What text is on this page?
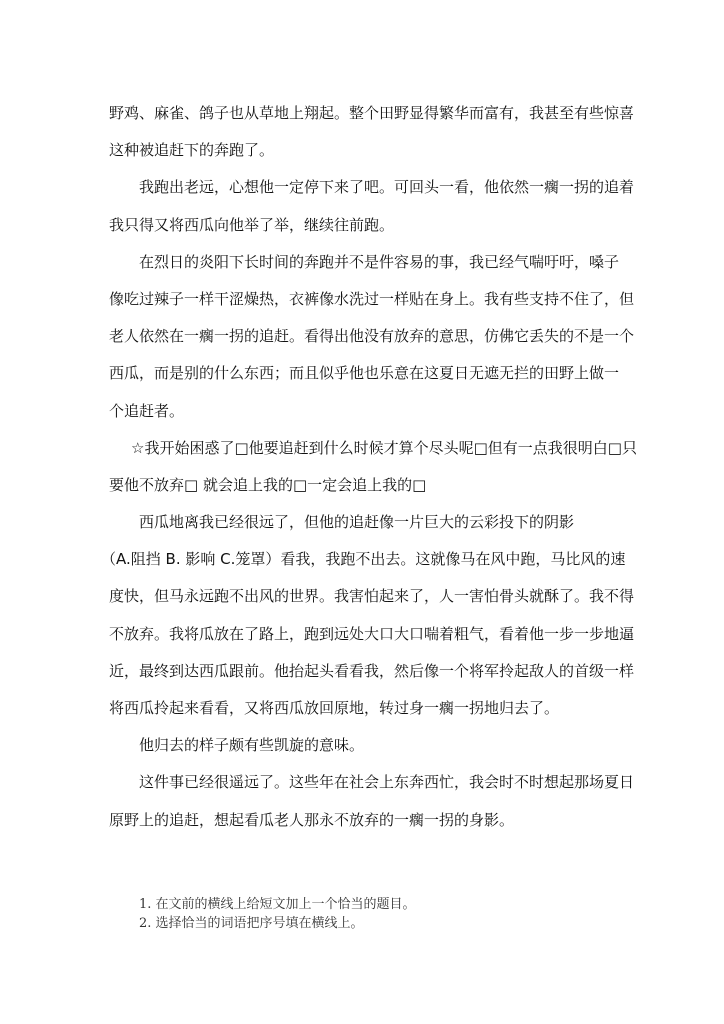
野鸡、麻雀、鸽子也从草地上翔起。整个田野显得繁华而富有，我甚至有些惊喜
这种被追赶下的奔跑了。
我跑出老远，心想他一定停下来了吧。可回头一看，他依然一瘸一拐的追着
我只得又将西瓜向他举了举，继续往前跑。
在烈日的炎阳下长时间的奔跑并不是件容易的事，我已经气喘吁吁，嗓子
像吃过辣子一样干涩燥热，衣裤像水洗过一样贴在身上。我有些支持不住了，但
老人依然在一瘸一拐的追赶。看得出他没有放弃的意思，仿佛它丢失的不是一个
西瓜，而是别的什么东西；而且似乎他也乐意在这夏日无遮无拦的田野上做一
个追赶者。
☆我开始困惑了□他要追赶到什么时候才算个尽头呢□但有一点我很明白□只
要他不放弃□ 就会追上我的□一定会追上我的□
西瓜地离我已经很远了，但他的追赶像一片巨大的云彩投下的阴影
（A.阻挡 B. 影响 C.笼罩）看我，我跑不出去。这就像马在风中跑，马比风的速
度快，但马永远跑不出风的世界。我害怕起来了，人一害怕骨头就酥了。我不得
不放弃。我将瓜放在了路上，跑到远处大口大口喘着粗气，看着他一步一步地逼
近，最终到达西瓜跟前。他抬起头看看我，然后像一个将军拎起敌人的首级一样
将西瓜拎起来看看，又将西瓜放回原地，转过身一瘸一拐地归去了。
他归去的样子颇有些凯旋的意味。
这件事已经很遥远了。这些年在社会上东奔西忙，我会时不时想起那场夏日
原野上的追赶，想起看瓜老人那永不放弃的一瘸一拐的身影。
1. 在文前的横线上给短文加上一个恰当的题目。
2. 选择恰当的词语把序号填在横线上。
